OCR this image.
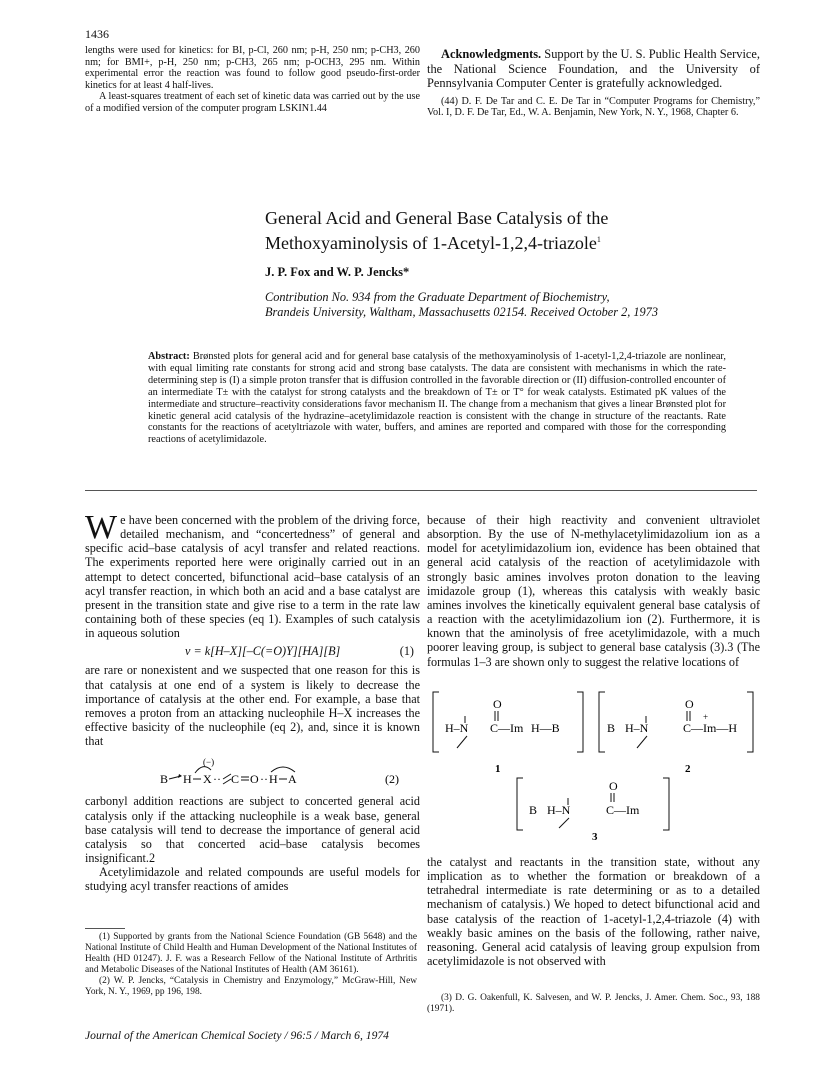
1436

lengths were used for kinetics: for BI, p-Cl, 260 nm; p-H, 250 nm; p-CH3, 260 nm; for BMI+, p-H, 250 nm; p-CH3, 265 nm; p-OCH3, 295 nm. Within experimental error the reaction was found to follow good pseudo-first-order kinetics for at least 4 half-lives.

A least-squares treatment of each set of kinetic data was carried out by the use of a modified version of the computer program LSKIN1.44

Acknowledgments. Support by the U. S. Public Health Service, the National Science Foundation, and the University of Pennsylvania Computer Center is gratefully acknowledged.

(44) D. F. De Tar and C. E. De Tar in “Computer Programs for Chemistry,” Vol. I, D. F. De Tar, Ed., W. A. Benjamin, New York, N. Y., 1968, Chapter 6.

General Acid and General Base Catalysis of the
Methoxyaminolysis of 1-Acetyl-1,2,4-triazole$^1$
J. P. Fox and W. P. Jencks*
Contribution No. 934 from the Graduate Department of Biochemistry,
Brandeis University, Waltham, Massachusetts 02154. Received October 2, 1973
Abstract: Brønsted plots for general acid and for general base catalysis of the methoxyaminolysis of 1-acetyl-1,2,4-triazole are nonlinear, with equal limiting rate constants for strong acid and strong base catalysts. The data are consistent with mechanisms in which the rate-determining step is (I) a simple proton transfer that is diffusion controlled in the favorable direction or (II) diffusion-controlled encounter of an intermediate T± with the catalyst for strong catalysts and the breakdown of T± or T° for weak catalysts. Estimated pK values of the intermediate and structure–reactivity considerations favor mechanism II. The change from a mechanism that gives a linear Brønsted plot for kinetic general acid catalysis of the hydrazine–acetylimidazole reaction is consistent with the change in structure of the reactants. Rate constants for the reactions of acetyltriazole with water, buffers, and amines are reported and compared with those for the corresponding reactions of acetylimidazole.

We have been concerned with the problem of the driving force, detailed mechanism, and “concertedness” of general and specific acid–base catalysis of acyl transfer and related reactions. The experiments reported here were originally carried out in an attempt to detect concerted, bifunctional acid–base catalysis of an acyl transfer reaction, in which both an acid and a base catalyst are present in the transition state and give rise to a term in the rate law containing both of these species (eq 1). Examples of such catalysis in aqueous solution

v = k[H–X][–C(=O)Y][HA][B]	(1)

are rare or nonexistent and we suspected that one reason for this is that catalysis at one end of a system is likely to decrease the importance of catalysis at the other end. For example, a base that removes a proton from an attacking nucleophile H–X increases the effective basicity of the nucleophile (eq 2), and, since it is known that

B H X
(−)
·· C O ·· H A	(2)

carbonyl addition reactions are subject to concerted general acid catalysis only if the attacking nucleophile is a weak base, general base catalysis will tend to decrease the importance of general acid catalysis so that concerted acid–base catalysis becomes insignificant.2

Acetylimidazole and related compounds are useful models for studying acyl transfer reactions of amides

because of their high reactivity and convenient ultraviolet absorption. By the use of N-methylacetylimidazolium ion as a model for acetylimidazolium ion, evidence has been obtained that general acid catalysis of the reaction of acetylimidazole with strongly basic amines involves proton donation to the leaving imidazole group (1), whereas this catalysis with weakly basic amines involves the kinetically equivalent general base catalysis of a reaction with the acetylimidazolium ion (2). Furthermore, it is known that the aminolysis of free acetylimidazole, with a much poorer leaving group, is subject to general base catalysis (3).3 (The formulas 1–3 are shown only to suggest the relative locations of

O
H–N C—Im H—B
1
O
B H–N	C—Im—H
+
2
O
B H–N	C—Im
3

the catalyst and reactants in the transition state, without any implication as to whether the formation or breakdown of a tetrahedral intermediate is rate determining or as to a detailed mechanism of catalysis.) We hoped to detect bifunctional acid and base catalysis of the reaction of 1-acetyl-1,2,4-triazole (4) with weakly basic amines on the basis of the following, rather naive, reasoning. General acid catalysis of leaving group expulsion from acetylimidazole is not observed with

(1) Supported by grants from the National Science Foundation (GB 5648) and the National Institute of Child Health and Human Development of the National Institutes of Health (HD 01247). J. F. was a Research Fellow of the National Institute of Arthritis and Metabolic Diseases of the National Institutes of Health (AM 36161).

(2) W. P. Jencks, “Catalysis in Chemistry and Enzymology,” McGraw-Hill, New York, N. Y., 1969, pp 196, 198.

(3) D. G. Oakenfull, K. Salvesen, and W. P. Jencks, J. Amer. Chem. Soc., 93, 188 (1971).

Journal of the American Chemical Society / 96:5 / March 6, 1974
